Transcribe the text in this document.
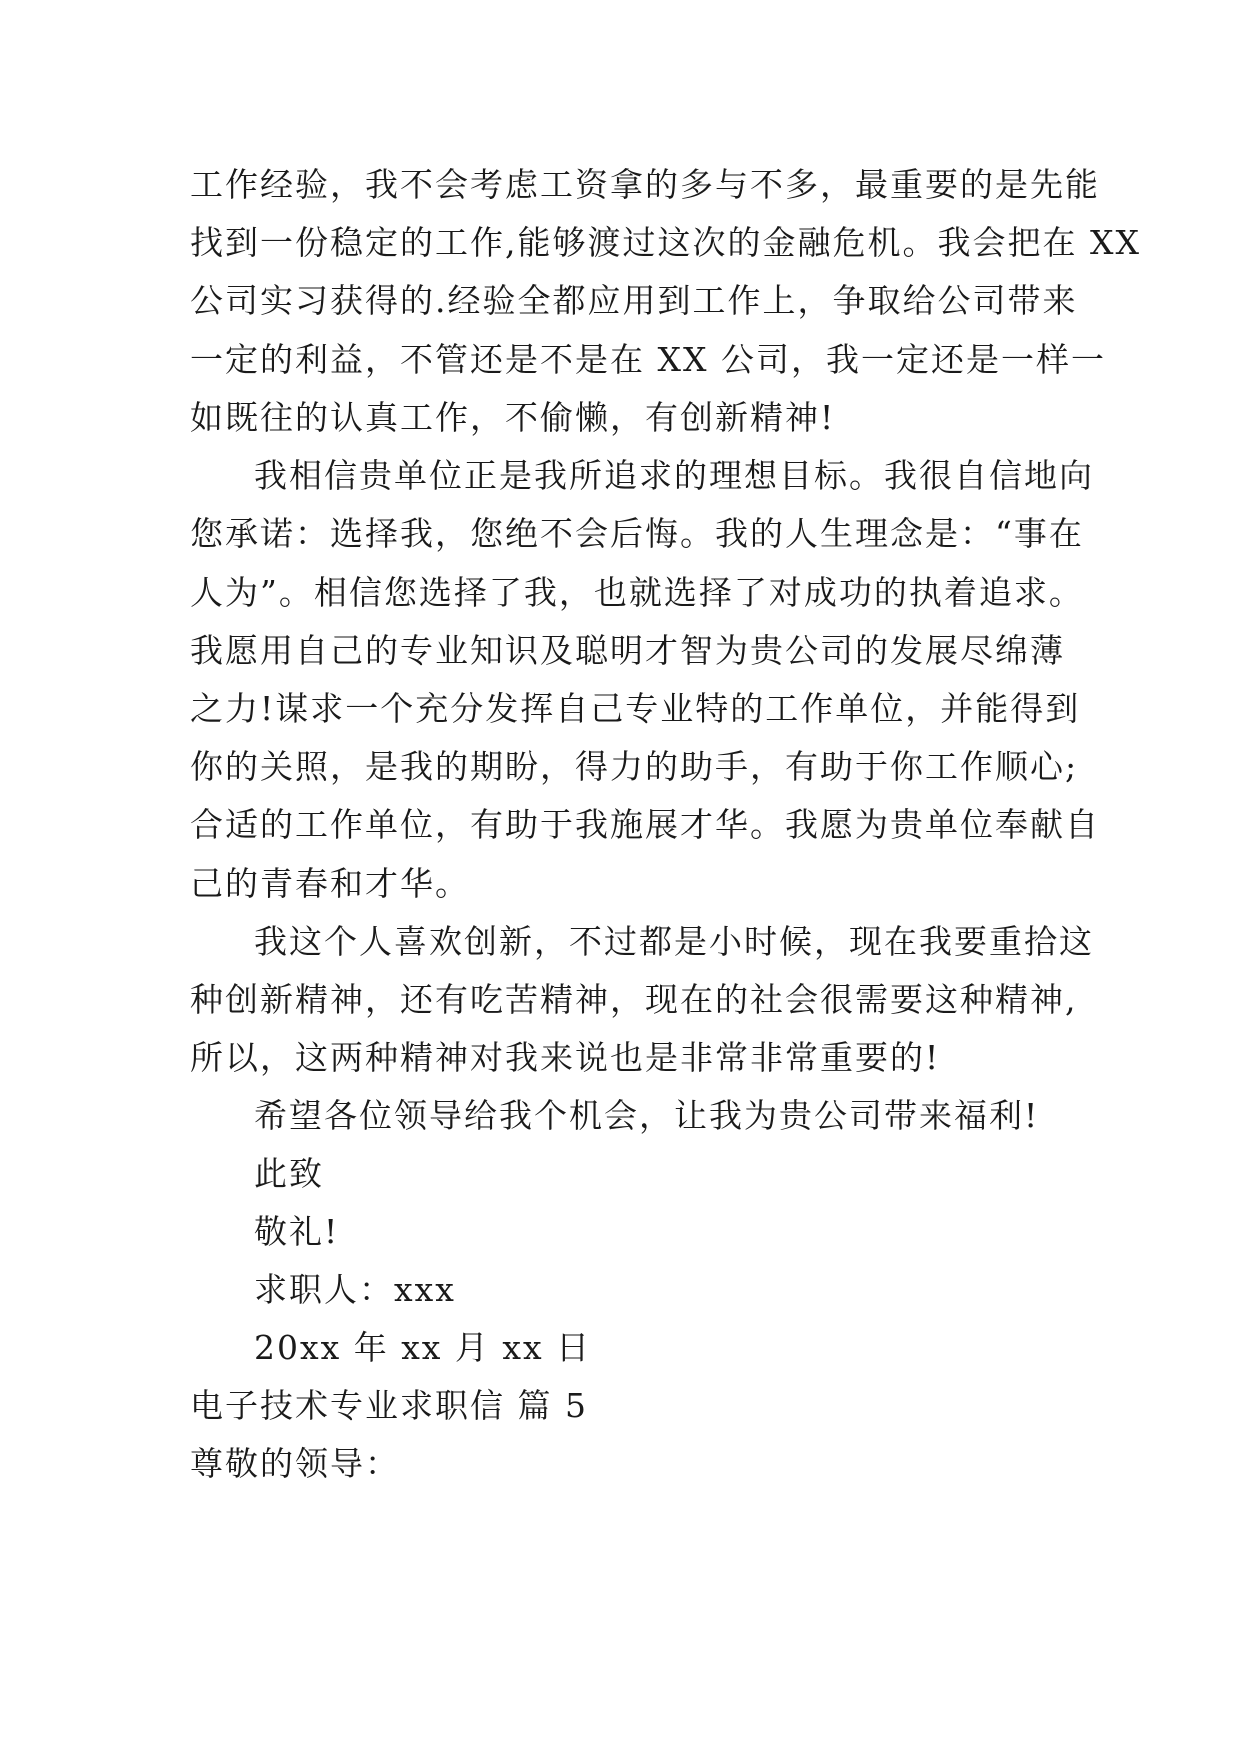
工作经验，我不会考虑工资拿的多与不多，最重要的是先能
找到一份稳定的工作,能够渡过这次的金融危机。我会把在 XX
公司实习获得的.经验全都应用到工作上，争取给公司带来
一定的利益，不管还是不是在 XX 公司，我一定还是一样一
如既往的认真工作，不偷懒，有创新精神!
我相信贵单位正是我所追求的理想目标。我很自信地向
您承诺：选择我，您绝不会后悔。我的人生理念是：“事在
人为”。相信您选择了我，也就选择了对成功的执着追求。
我愿用自己的专业知识及聪明才智为贵公司的发展尽绵薄
之力!谋求一个充分发挥自己专业特的工作单位，并能得到
你的关照，是我的期盼，得力的助手，有助于你工作顺心;
合适的工作单位，有助于我施展才华。我愿为贵单位奉献自
己的青春和才华。
我这个人喜欢创新，不过都是小时候，现在我要重拾这
种创新精神，还有吃苦精神，现在的社会很需要这种精神,
所以，这两种精神对我来说也是非常非常重要的!
希望各位领导给我个机会，让我为贵公司带来福利!
此致
敬礼!
求职人：xxx
20xx 年 xx 月 xx 日
电子技术专业求职信 篇 5
尊敬的领导：
